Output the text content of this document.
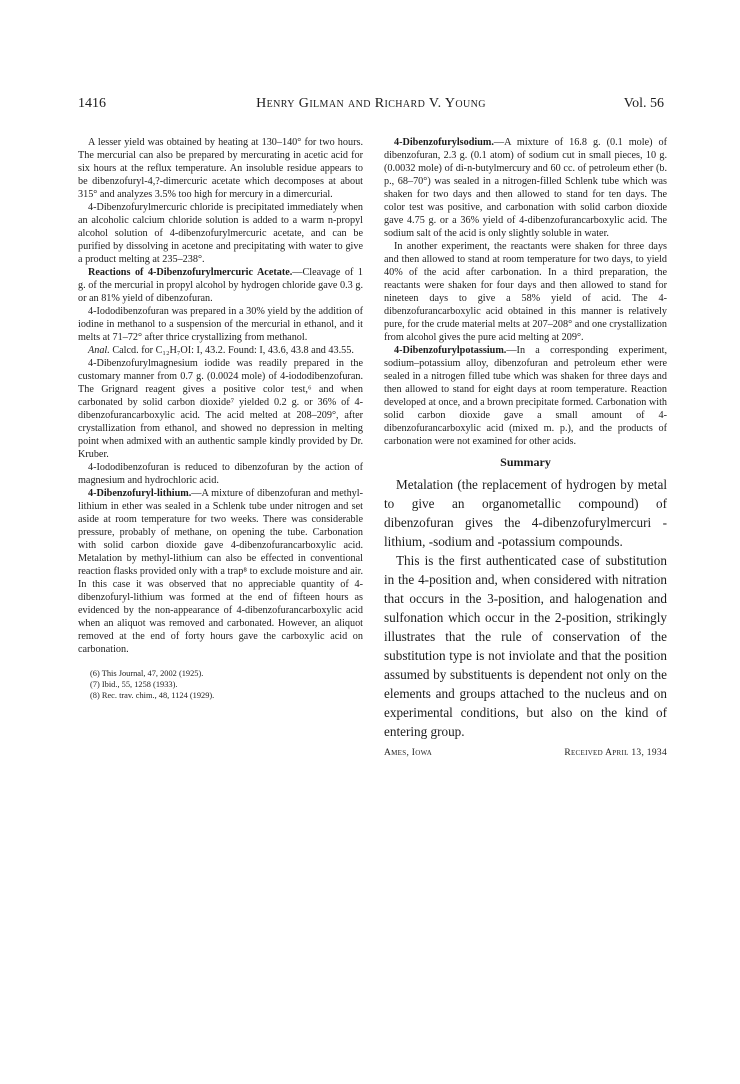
1416	Henry Gilman and Richard V. Young	Vol. 56

A lesser yield was obtained by heating at 130–140° for two hours. The mercurial can also be prepared by mercurating in acetic acid for six hours at the reflux temperature. An insoluble residue appears to be dibenzofuryl-4,?-dimercuric acetate which decomposes at about 315° and analyzes 3.5% too high for mercury in a dimercurial.

4-Dibenzofurylmercuric chloride is precipitated immediately when an alcoholic calcium chloride solution is added to a warm n-propyl alcohol solution of 4-dibenzofurylmercuric acetate, and can be purified by dissolving in acetone and precipitating with water to give a product melting at 235–238°.

Reactions of 4-Dibenzofurylmercuric Acetate.—Cleavage of 1 g. of the mercurial in propyl alcohol by hydrogen chloride gave 0.3 g. or an 81% yield of dibenzofuran.

4-Iododibenzofuran was prepared in a 30% yield by the addition of iodine in methanol to a suspension of the mercurial in ethanol, and it melts at 71–72° after thrice crystallizing from methanol.

Anal. Calcd. for C₁₂H₇OI: I, 43.2. Found: I, 43.6, 43.8 and 43.55.

4-Dibenzofurylmagnesium iodide was readily prepared in the customary manner from 0.7 g. (0.0024 mole) of 4-iododibenzofuran. The Grignard reagent gives a positive color test,⁶ and when carbonated by solid carbon dioxide⁷ yielded 0.2 g. or 36% of 4-dibenzofurancarboxylic acid. The acid melted at 208–209°, after crystallization from ethanol, and showed no depression in melting point when admixed with an authentic sample kindly provided by Dr. Kruber.

4-Iododibenzofuran is reduced to dibenzofuran by the action of magnesium and hydrochloric acid.

4-Dibenzofuryl-lithium.—A mixture of dibenzofuran and methyl-lithium in ether was sealed in a Schlenk tube under nitrogen and set aside at room temperature for two weeks. There was considerable pressure, probably of methane, on opening the tube. Carbonation with solid carbon dioxide gave 4-dibenzofurancarboxylic acid. Metalation by methyl-lithium can also be effected in conventional reaction flasks provided only with a trap⁸ to exclude moisture and air. In this case it was observed that no appreciable quantity of 4-dibenzofuryl-lithium was formed at the end of fifteen hours as evidenced by the non-appearance of 4-dibenzofurancarboxylic acid when an aliquot was removed and carbonated. However, an aliquot removed at the end of forty hours gave the carboxylic acid on carbonation.

(6) This Journal, 47, 2002 (1925).
(7) Ibid., 55, 1258 (1933).
(8) Rec. trav. chim., 48, 1124 (1929).

4-Dibenzofurylsodium.—A mixture of 16.8 g. (0.1 mole) of dibenzofuran, 2.3 g. (0.1 atom) of sodium cut in small pieces, 10 g. (0.0032 mole) of di-n-butylmercury and 60 cc. of petroleum ether (b. p., 68–70°) was sealed in a nitrogen-filled Schlenk tube which was shaken for two days and then allowed to stand for ten days. The color test was positive, and carbonation with solid carbon dioxide gave 4.75 g. or a 36% yield of 4-dibenzofurancarboxylic acid. The sodium salt of the acid is only slightly soluble in water.

In another experiment, the reactants were shaken for three days and then allowed to stand at room temperature for two days, to yield 40% of the acid after carbonation. In a third preparation, the reactants were shaken for four days and then allowed to stand for nineteen days to give a 58% yield of acid. The 4-dibenzofurancarboxylic acid obtained in this manner is relatively pure, for the crude material melts at 207–208° and one crystallization from alcohol gives the pure acid melting at 209°.

4-Dibenzofurylpotassium.—In a corresponding experiment, sodium–potassium alloy, dibenzofuran and petroleum ether were sealed in a nitrogen filled tube which was shaken for three days and then allowed to stand for eight days at room temperature. Reaction developed at once, and a brown precipitate formed. Carbonation with solid carbon dioxide gave a small amount of 4-dibenzofurancarboxylic acid (mixed m. p.), and the products of carbonation were not examined for other acids.

Summary

Metalation (the replacement of hydrogen by metal to give an organometallic compound) of dibenzofuran gives the 4-dibenzofurylmercuri -lithium, -sodium and -potassium compounds.

This is the first authenticated case of substitution in the 4-position and, when considered with nitration that occurs in the 3-position, and halogenation and sulfonation which occur in the 2-position, strikingly illustrates that the rule of conservation of the substitution type is not inviolate and that the position assumed by substituents is dependent not only on the elements and groups attached to the nucleus and on experimental conditions, but also on the kind of entering group.

Ames, Iowa	Received April 13, 1934
